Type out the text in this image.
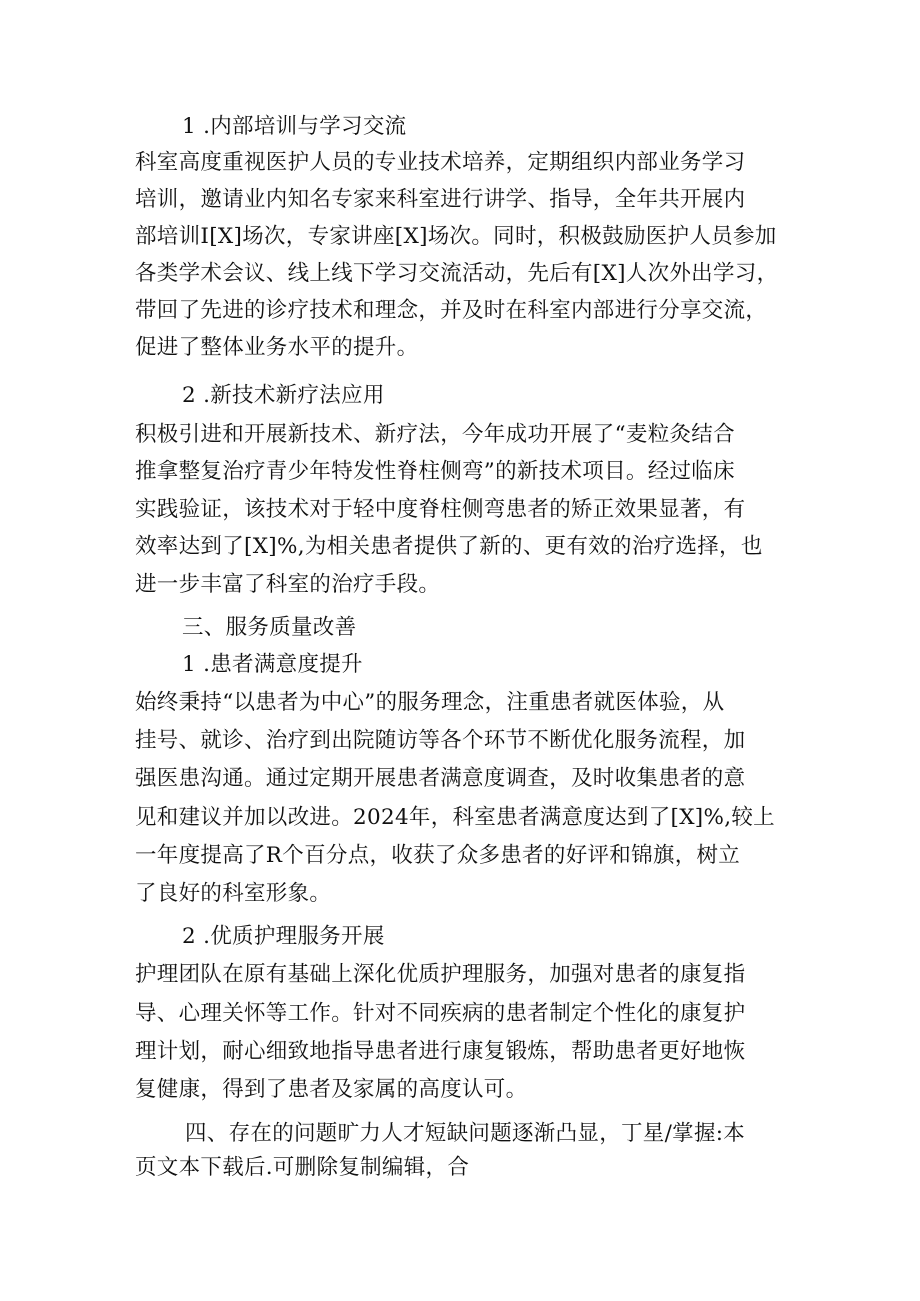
1 .内部培训与学习交流
科室高度重视医护人员的专业技术培养，定期组织内部业务学习
培训，邀请业内知名专家来科室进行讲学、指导，全年共开展内
部培训I[X]场次，专家讲座[X]场次。同时，积极鼓励医护人员参加
各类学术会议、线上线下学习交流活动，先后有[X]人次外出学习，
带回了先进的诊疗技术和理念，并及时在科室内部进行分享交流，
促进了整体业务水平的提升。
2 .新技术新疗法应用
积极引进和开展新技术、新疗法，今年成功开展了“麦粒灸结合
推拿整复治疗青少年特发性脊柱侧弯”的新技术项目。经过临床
实践验证，该技术对于轻中度脊柱侧弯患者的矫正效果显著，有
效率达到了[X]%,为相关患者提供了新的、更有效的治疗选择，也
进一步丰富了科室的治疗手段。
三、服务质量改善
1 .患者满意度提升
始终秉持“以患者为中心”的服务理念，注重患者就医体验，从
挂号、就诊、治疗到出院随访等各个环节不断优化服务流程，加
强医患沟通。通过定期开展患者满意度调查，及时收集患者的意
见和建议并加以改进。2024年，科室患者满意度达到了[X]%,较上
一年度提高了R个百分点，收获了众多患者的好评和锦旗，树立
了良好的科室形象。
2 .优质护理服务开展
护理团队在原有基础上深化优质护理服务，加强对患者的康复指
导、心理关怀等工作。针对不同疾病的患者制定个性化的康复护
理计划，耐心细致地指导患者进行康复锻炼，帮助患者更好地恢
复健康，得到了患者及家属的高度认可。
四、存在的问题旷力人才短缺问题逐渐凸显，丁星/掌握:本
页文本下载后.可删除复制编辑，合
